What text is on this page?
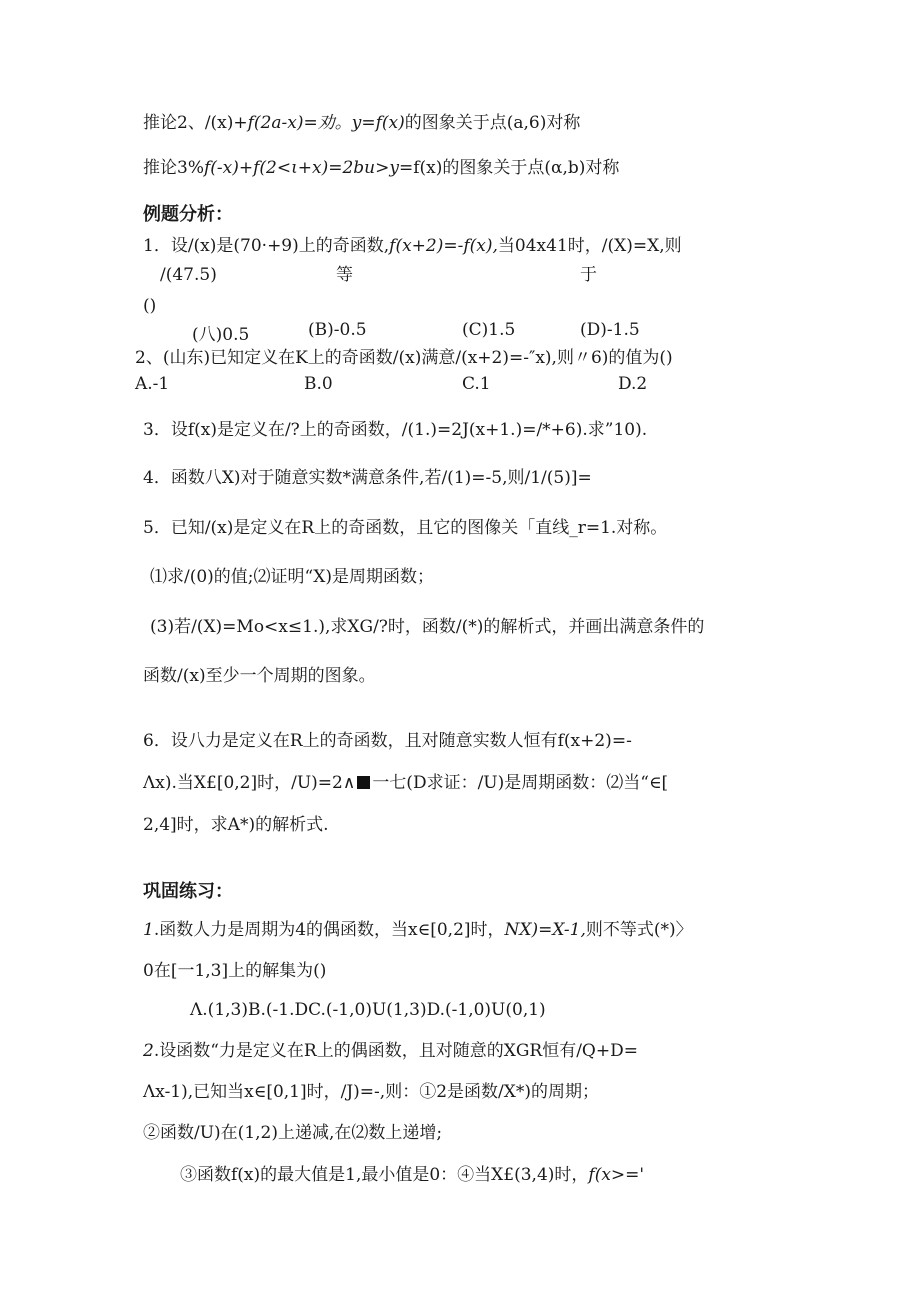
推论2、/(x)+f(2a-x)=劝。y=f(x)的图象关于点(a,6)对称
推论3%f(-x)+f(2<ι+x)=2bu>y=f(x)的图象关于点(α,b)对称
例题分析：
1．设/(x)是(70·+9)上的奇函数,f(x+2)=-f(x),当04x41时，/(X)=X,则
/(47.5)	等	于
()
(八)0.5	(B)-0.5	(C)1.5	(D)-1.5
2、(山东)已知定义在K上的奇函数/(x)满意/(x+2)=-″x),则〃6)的值为()
A.-1	B.0	C.1	D.2
3．设f(x)是定义在/?上的奇函数，/(1.)=2J(x+1.)=/*+6).求”10).
4．函数八X)对于随意实数*满意条件,若/(1)=-5,则/1/(5)]=
5．已知/(x)是定义在R上的奇函数，且它的图像关「直线_r=1.对称。
⑴求/(0)的值;⑵证明“X)是周期函数；
(3)若/(X)=Mo<x≤1.),求XG/?时，函数/(*)的解析式，并画出满意条件的
函数/(x)至少一个周期的图象。
6．设八力是定义在R上的奇函数，且对随意实数人恒有f(x+2)=-
Λx).当X£[0,2]时，/U)=2∧ 一七(D求证：/U)是周期函数：⑵当“∈[
2,4]时，求A*)的解析式.
巩固练习：
1.函数人力是周期为4的偶函数，当x∈[0,2]时，NX)=X-1,则不等式(*)〉
0在[一1,3]上的解集为()
Λ.(1,3)B.(-1.DC.(-1,0)U(1,3)D.(-1,0)U(0,1)
2.设函数“力是定义在R上的偶函数，且对随意的XGR恒有/Q+D=
Λx-1),已知当x∈[0,1]时，/J)=-,则：①2是函数/X*)的周期；
②函数/U)在(1,2)上递减,在⑵数上递增;
③函数f(x)的最大值是1,最小值是0：④当X£(3,4)时，f(x>='
